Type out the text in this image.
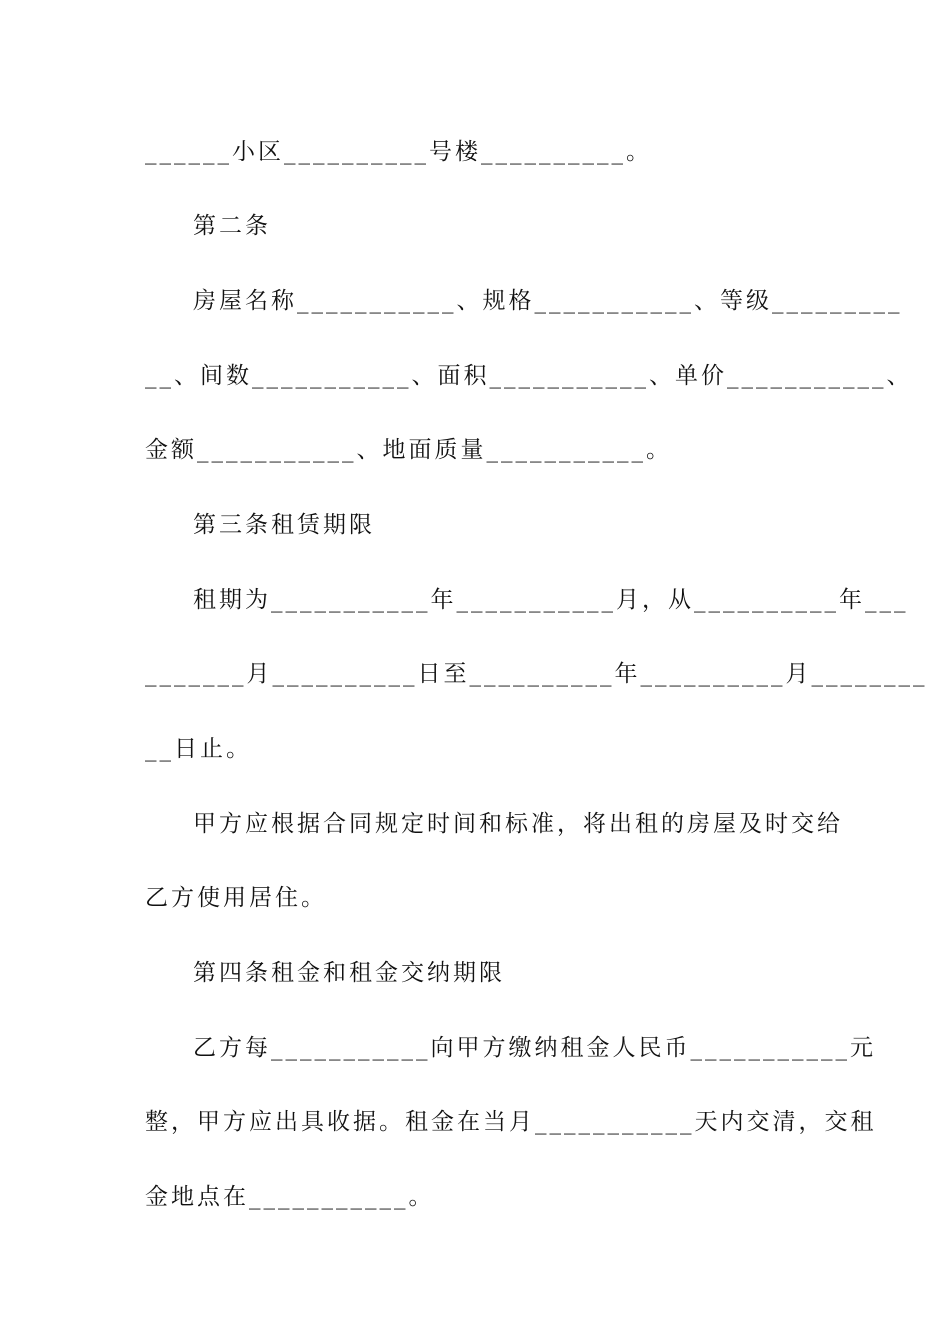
______小区__________号楼__________。
第二条
房屋名称___________、规格___________、等级_________
__、间数___________、面积___________、单价___________、
金额___________、地面质量___________。
第三条租赁期限
租期为___________年___________月，从__________年___
_______月__________日至__________年__________月________
__日止。
甲方应根据合同规定时间和标准，将出租的房屋及时交给
乙方使用居住。
第四条租金和租金交纳期限
乙方每___________向甲方缴纳租金人民币___________元
整，甲方应出具收据。租金在当月___________天内交清，交租
金地点在___________。
